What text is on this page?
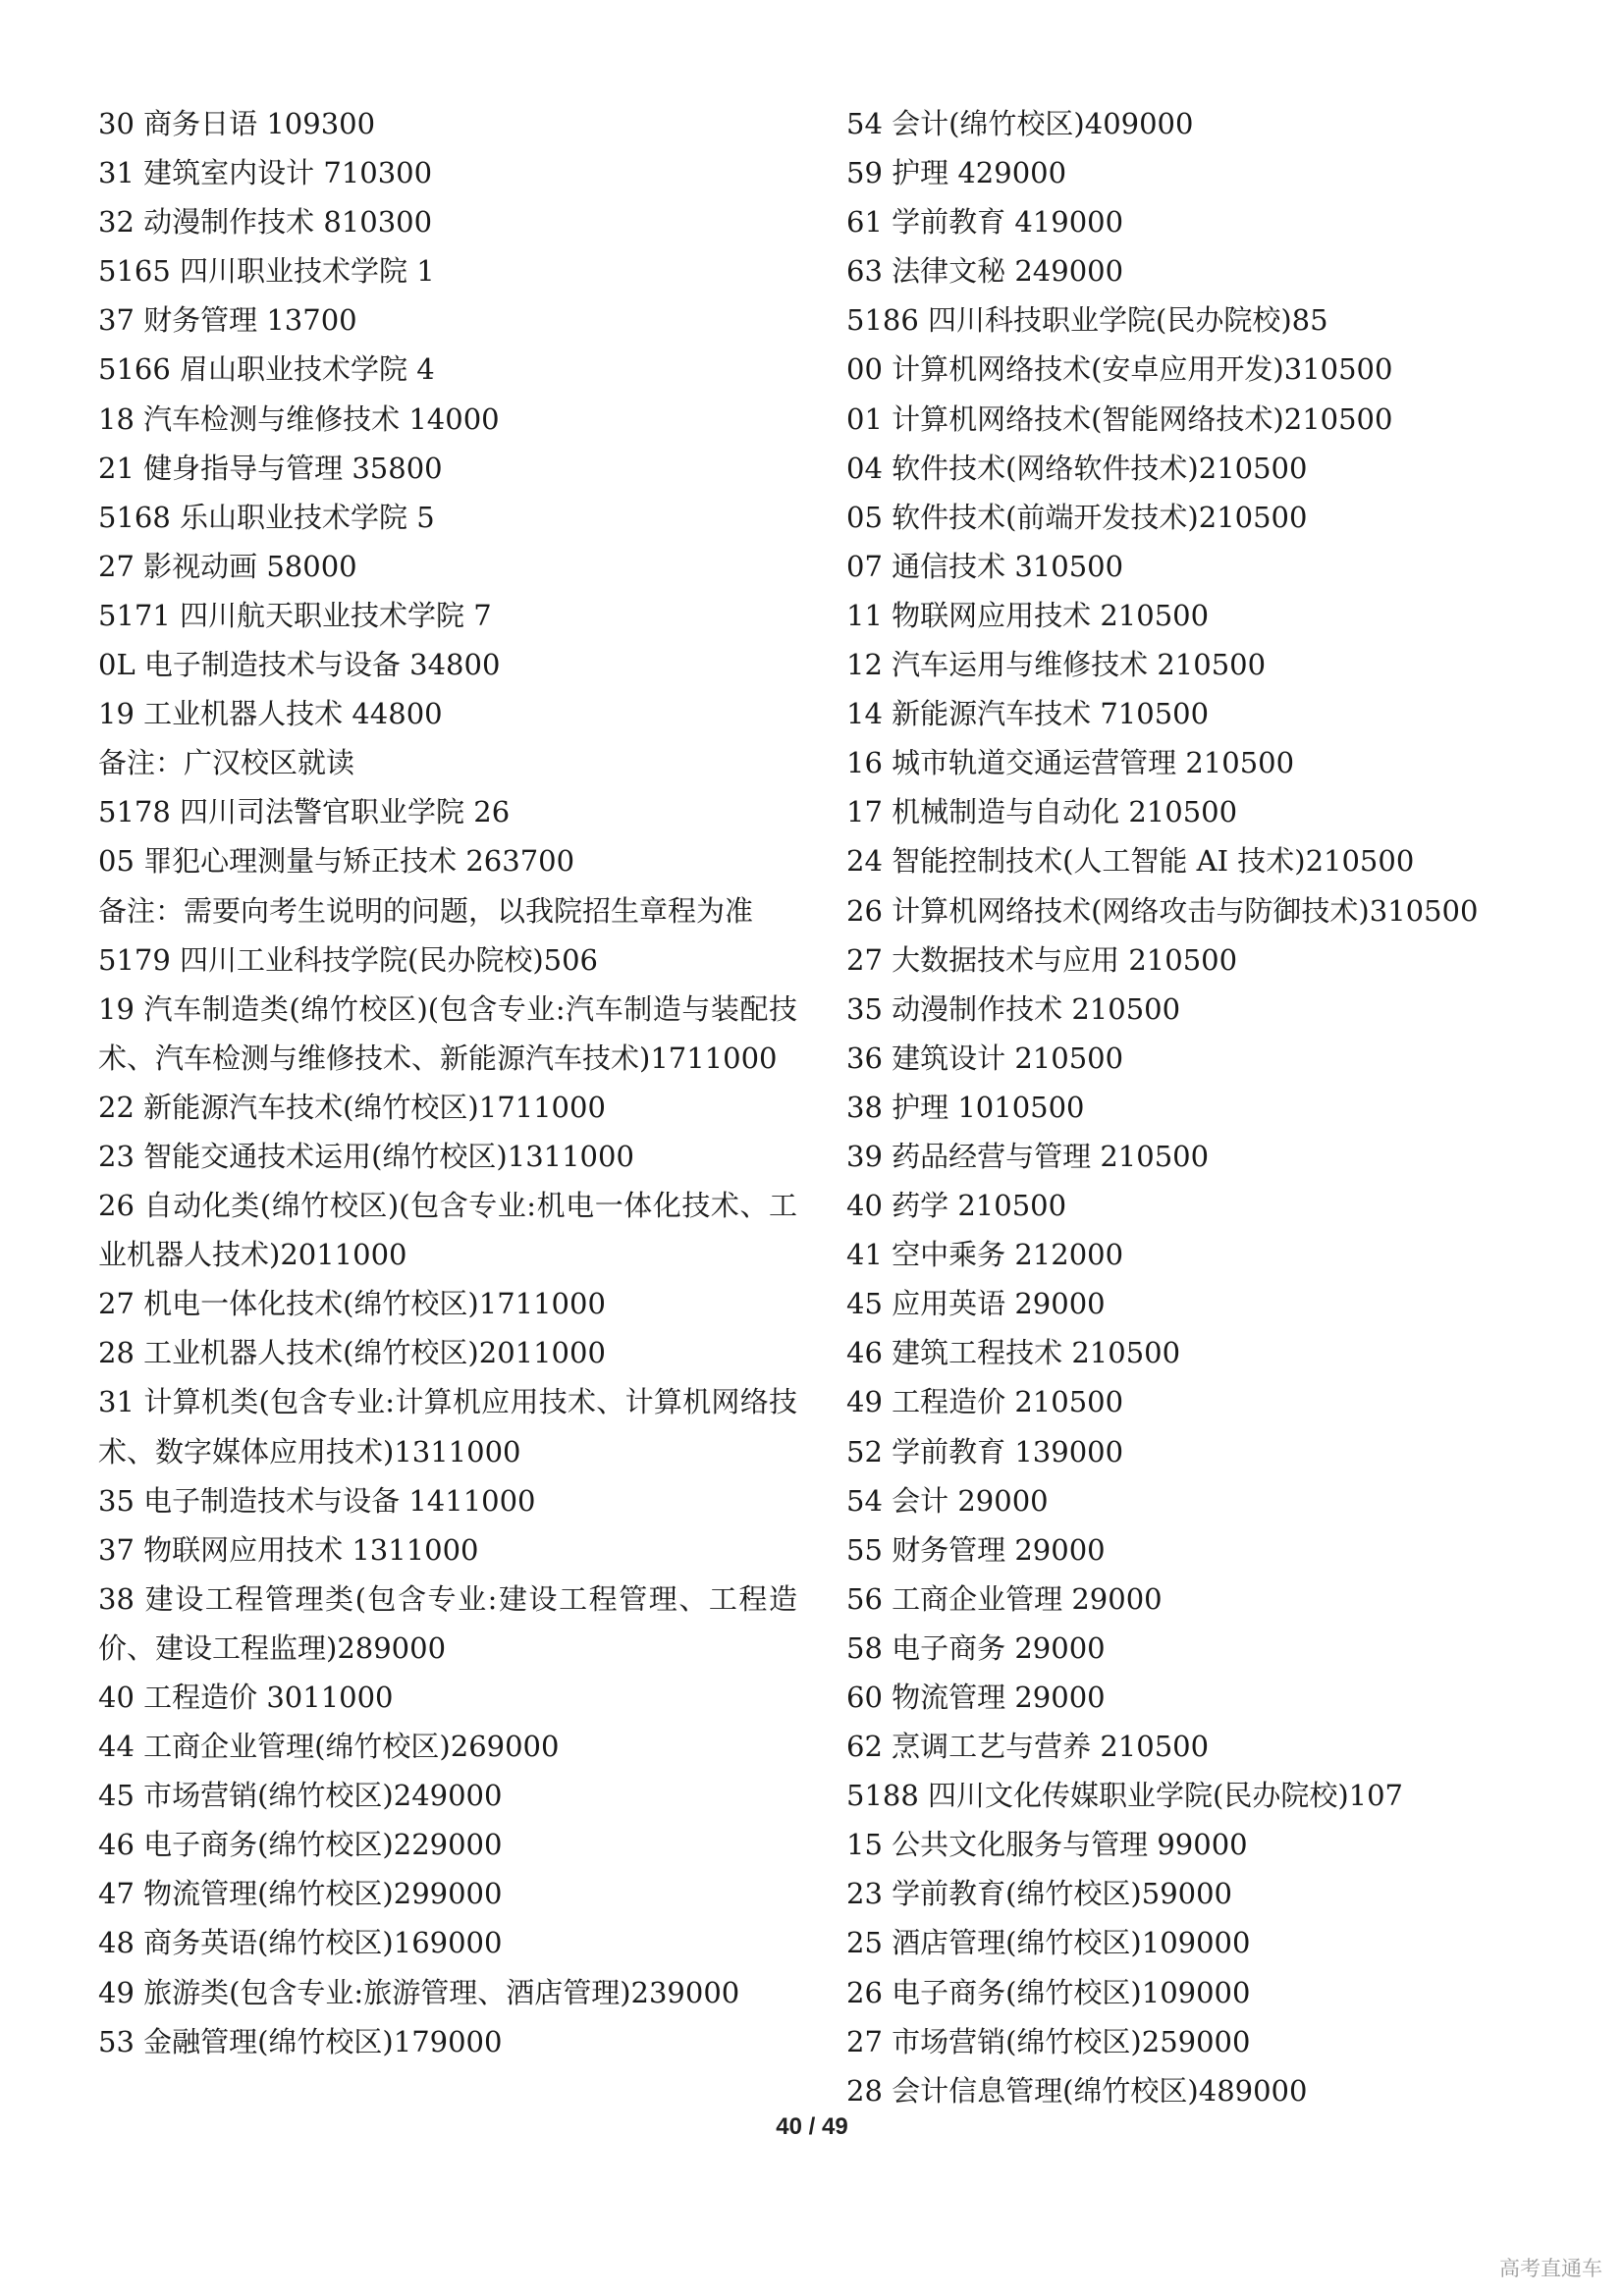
30 商务日语 109300
31 建筑室内设计 710300
32 动漫制作技术 810300
5165 四川职业技术学院 1
37 财务管理 13700
5166 眉山职业技术学院 4
18 汽车检测与维修技术 14000
21 健身指导与管理 35800
5168 乐山职业技术学院 5
27 影视动画 58000
5171 四川航天职业技术学院 7
0L 电子制造技术与设备 34800
19 工业机器人技术 44800
备注：广汉校区就读
5178 四川司法警官职业学院 26
05 罪犯心理测量与矫正技术 263700
备注：需要向考生说明的问题，以我院招生章程为准
5179 四川工业科技学院(民办院校)506
19 汽车制造类(绵竹校区)(包含专业:汽车制造与装配技术、汽车检测与维修技术、新能源汽车技术)1711000
22 新能源汽车技术(绵竹校区)1711000
23 智能交通技术运用(绵竹校区)1311000
26 自动化类(绵竹校区)(包含专业:机电一体化技术、工业机器人技术)2011000
27 机电一体化技术(绵竹校区)1711000
28 工业机器人技术(绵竹校区)2011000
31 计算机类(包含专业:计算机应用技术、计算机网络技术、数字媒体应用技术)1311000
35 电子制造技术与设备 1411000
37 物联网应用技术 1311000
38 建设工程管理类(包含专业:建设工程管理、工程造价、建设工程监理)289000
40 工程造价 3011000
44 工商企业管理(绵竹校区)269000
45 市场营销(绵竹校区)249000
46 电子商务(绵竹校区)229000
47 物流管理(绵竹校区)299000
48 商务英语(绵竹校区)169000
49 旅游类(包含专业:旅游管理、酒店管理)239000
53 金融管理(绵竹校区)179000
54 会计(绵竹校区)409000
59 护理 429000
61 学前教育 419000
63 法律文秘 249000
5186 四川科技职业学院(民办院校)85
00 计算机网络技术(安卓应用开发)310500
01 计算机网络技术(智能网络技术)210500
04 软件技术(网络软件技术)210500
05 软件技术(前端开发技术)210500
07 通信技术 310500
11 物联网应用技术 210500
12 汽车运用与维修技术 210500
14 新能源汽车技术 710500
16 城市轨道交通运营管理 210500
17 机械制造与自动化 210500
24 智能控制技术(人工智能 AI 技术)210500
26 计算机网络技术(网络攻击与防御技术)310500
27 大数据技术与应用 210500
35 动漫制作技术 210500
36 建筑设计 210500
38 护理 1010500
39 药品经营与管理 210500
40 药学 210500
41 空中乘务 212000
45 应用英语 29000
46 建筑工程技术 210500
49 工程造价 210500
52 学前教育 139000
54 会计 29000
55 财务管理 29000
56 工商企业管理 29000
58 电子商务 29000
60 物流管理 29000
62 烹调工艺与营养 210500
5188 四川文化传媒职业学院(民办院校)107
15 公共文化服务与管理 99000
23 学前教育(绵竹校区)59000
25 酒店管理(绵竹校区)109000
26 电子商务(绵竹校区)109000
27 市场营销(绵竹校区)259000
28 会计信息管理(绵竹校区)489000
40 / 49
高考直通车
